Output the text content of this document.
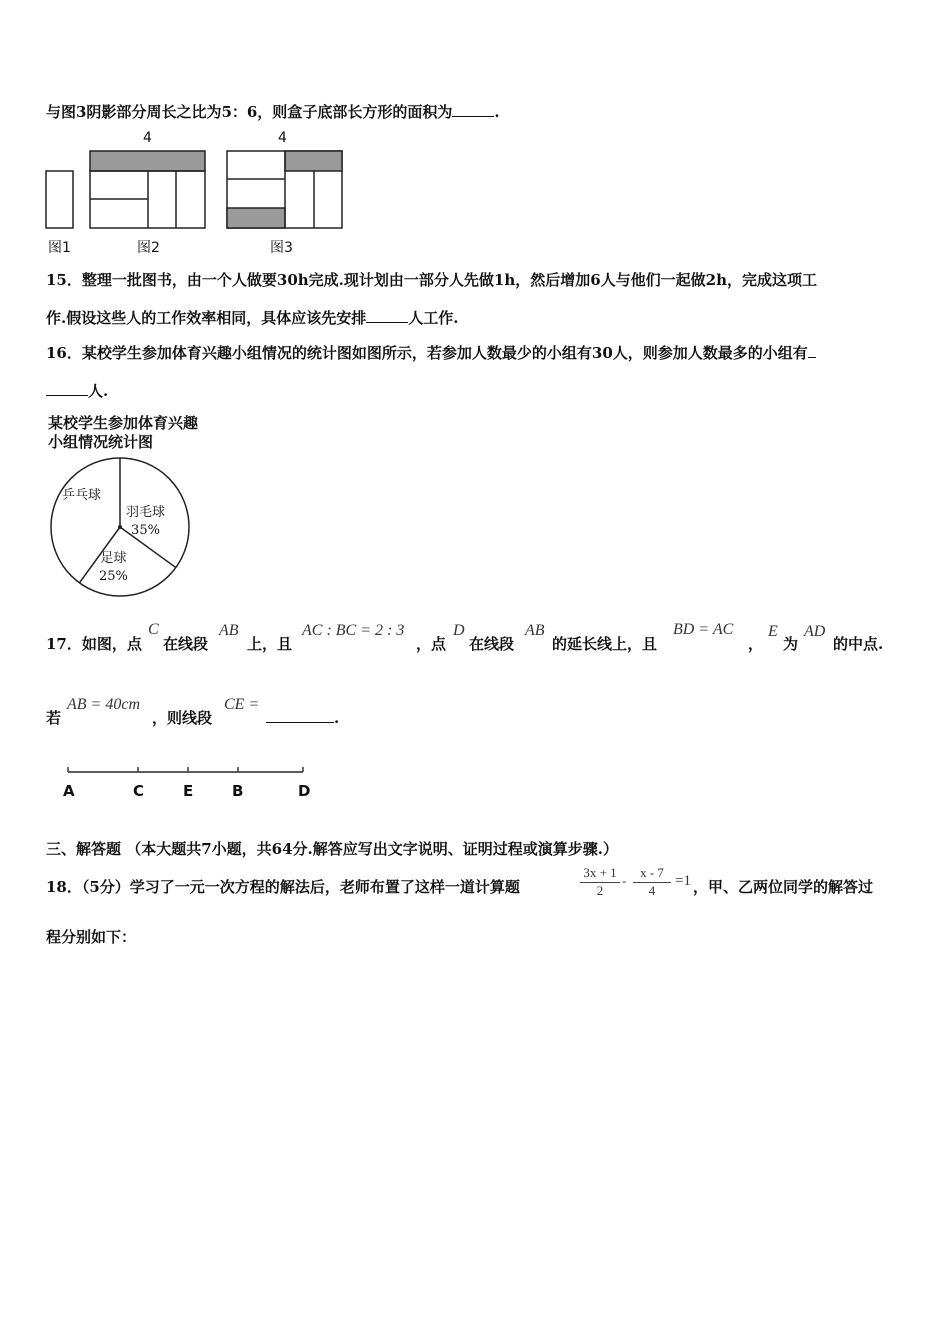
与图3阴影部分周长之比为5：6，则盒子底部长方形的面积为	.
4	4
图1	图2	图3
15．整理一批图书，由一个人做要30h完成.现计划由一部分人先做1h，然后增加6人与他们一起做2h，完成这项工
作.假设这些人的工作效率相同，具体应该先安排	人工作.
16．某校学生参加体育兴趣小组情况的统计图如图所示，若参加人数最少的小组有30人，则参加人数最多的小组有
人.
某校学生参加体育兴趣
小组情况统计图
乒乓球
羽毛球
35%
足球
25%
17．如图，点
C
在线段
AB
上，且
AC : BC = 2 : 3
，点
D
在线段
AB
的延长线上，且
BD = AC
，
E
为
AD
的中点.
若
AB = 40cm
，则线段
CE =
.
A	C	E	B	D
三、解答题 （本大题共7小题，共64分.解答应写出文字说明、证明过程或演算步骤.）
18．（5分）学习了一元一次方程的解法后，老师布置了这样一道计算题	$\frac{3x + 1}{2} - \frac{x - 7}{4} =1$ ，甲、乙两位同学的解答过
程分别如下：
